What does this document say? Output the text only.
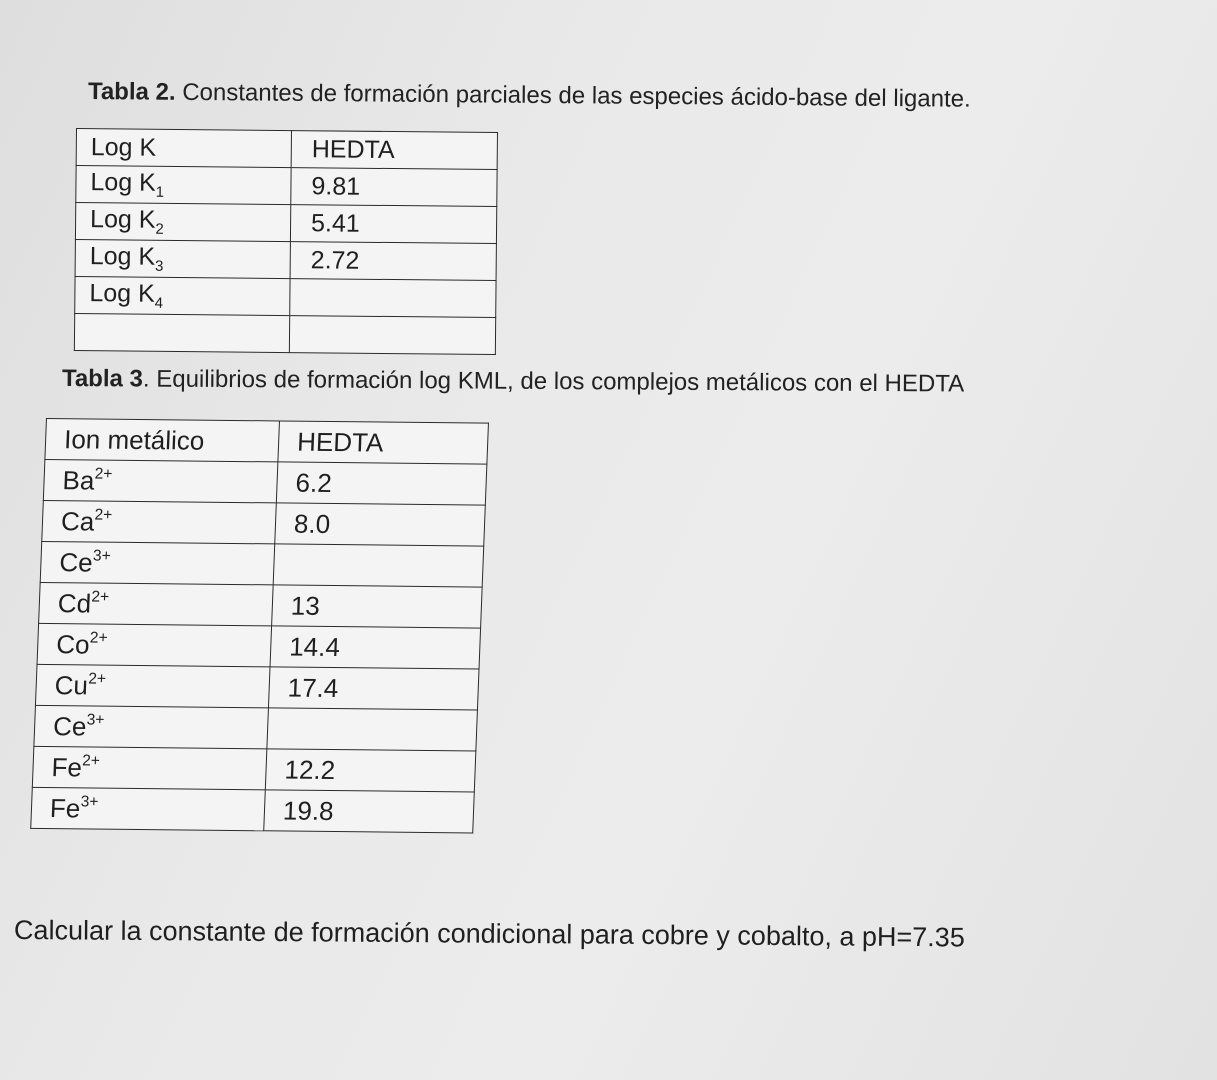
Tabla 2. Constantes de formación parciales de las especies ácido-base del ligante.

Log K	HEDTA
Log $K_1$	9.81
Log $K_2$	5.41
Log $K_3$	2.72
Log $K_4$	

Tabla 3. Equilibrios de formación log KML, de los complejos metálicos con el HEDTA

Ion metálico	HEDTA
$Ba^{2+}$	6.2
$Ca^{2+}$	8.0
$Ce^{3+}$	
$Cd^{2+}$	13
$Co^{2+}$	14.4
$Cu^{2+}$	17.4
$Ce^{3+}$	
$Fe^{2+}$	12.2
$Fe^{3+}$	19.8

Calcular la constante de formación condicional para cobre y cobalto, a pH=7.35
